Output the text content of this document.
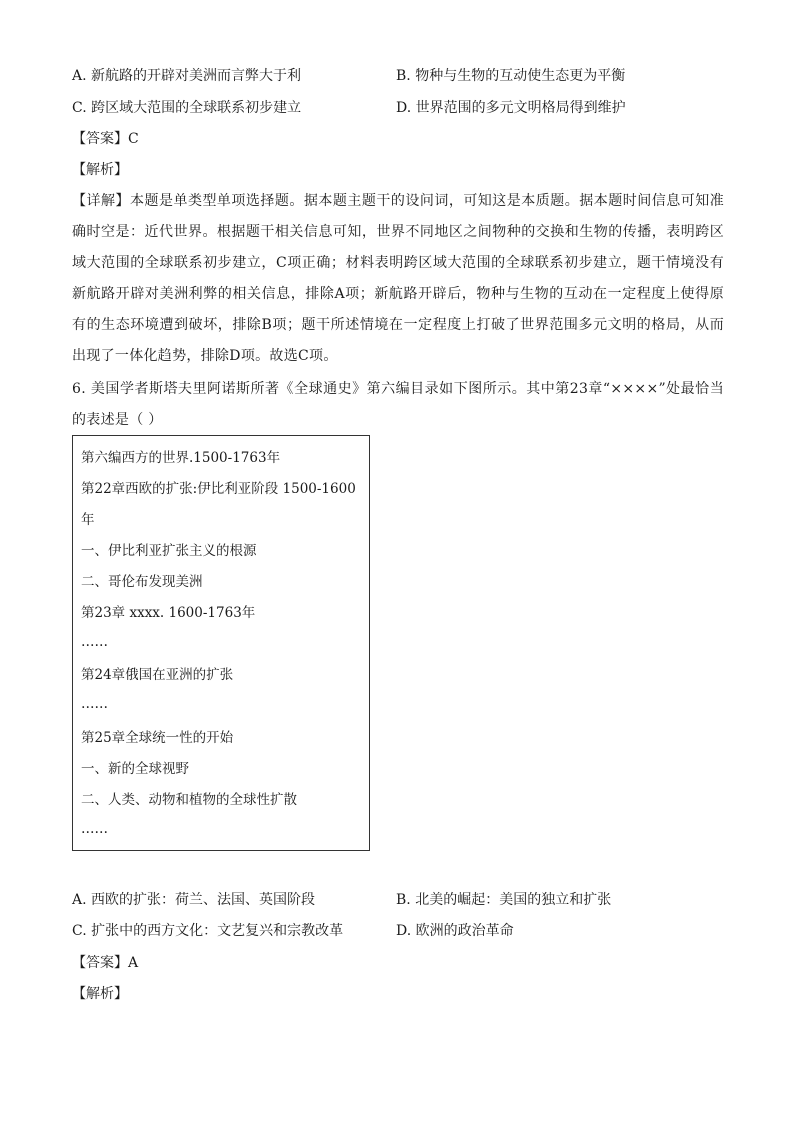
A. 新航路的开辟对美洲而言弊大于利	B. 物种与生物的互动使生态更为平衡
C. 跨区域大范围的全球联系初步建立	D. 世界范围的多元文明格局得到维护
【答案】C
【解析】
【详解】本题是单类型单项选择题。据本题主题干的设问词，可知这是本质题。据本题时间信息可知准确时空是：近代世界。根据题干相关信息可知，世界不同地区之间物种的交换和生物的传播，表明跨区域大范围的全球联系初步建立，C项正确；材料表明跨区域大范围的全球联系初步建立，题干情境没有新航路开辟对美洲利弊的相关信息，排除A项；新航路开辟后，物种与生物的互动在一定程度上使得原有的生态环境遭到破坏，排除B项；题干所述情境在一定程度上打破了世界范围多元文明的格局，从而出现了一体化趋势，排除D项。故选C项。
6. 美国学者斯塔夫里阿诺斯所著《全球通史》第六编目录如下图所示。其中第23章“××××”处最恰当的表述是（ ）
第六编西方的世界.1500-1763年
第22章西欧的扩张:伊比利亚阶段 1500-1600
年
一、伊比利亚扩张主义的根源
二、哥伦布发现美洲
第23章 xxxx. 1600-1763年
……
第24章俄国在亚洲的扩张
……
第25章全球统一性的开始
一、新的全球视野
二、人类、动物和植物的全球性扩散
……
A. 西欧的扩张：荷兰、法国、英国阶段	B. 北美的崛起：美国的独立和扩张
C. 扩张中的西方文化：文艺复兴和宗教改革	D. 欧洲的政治革命
【答案】A
【解析】
